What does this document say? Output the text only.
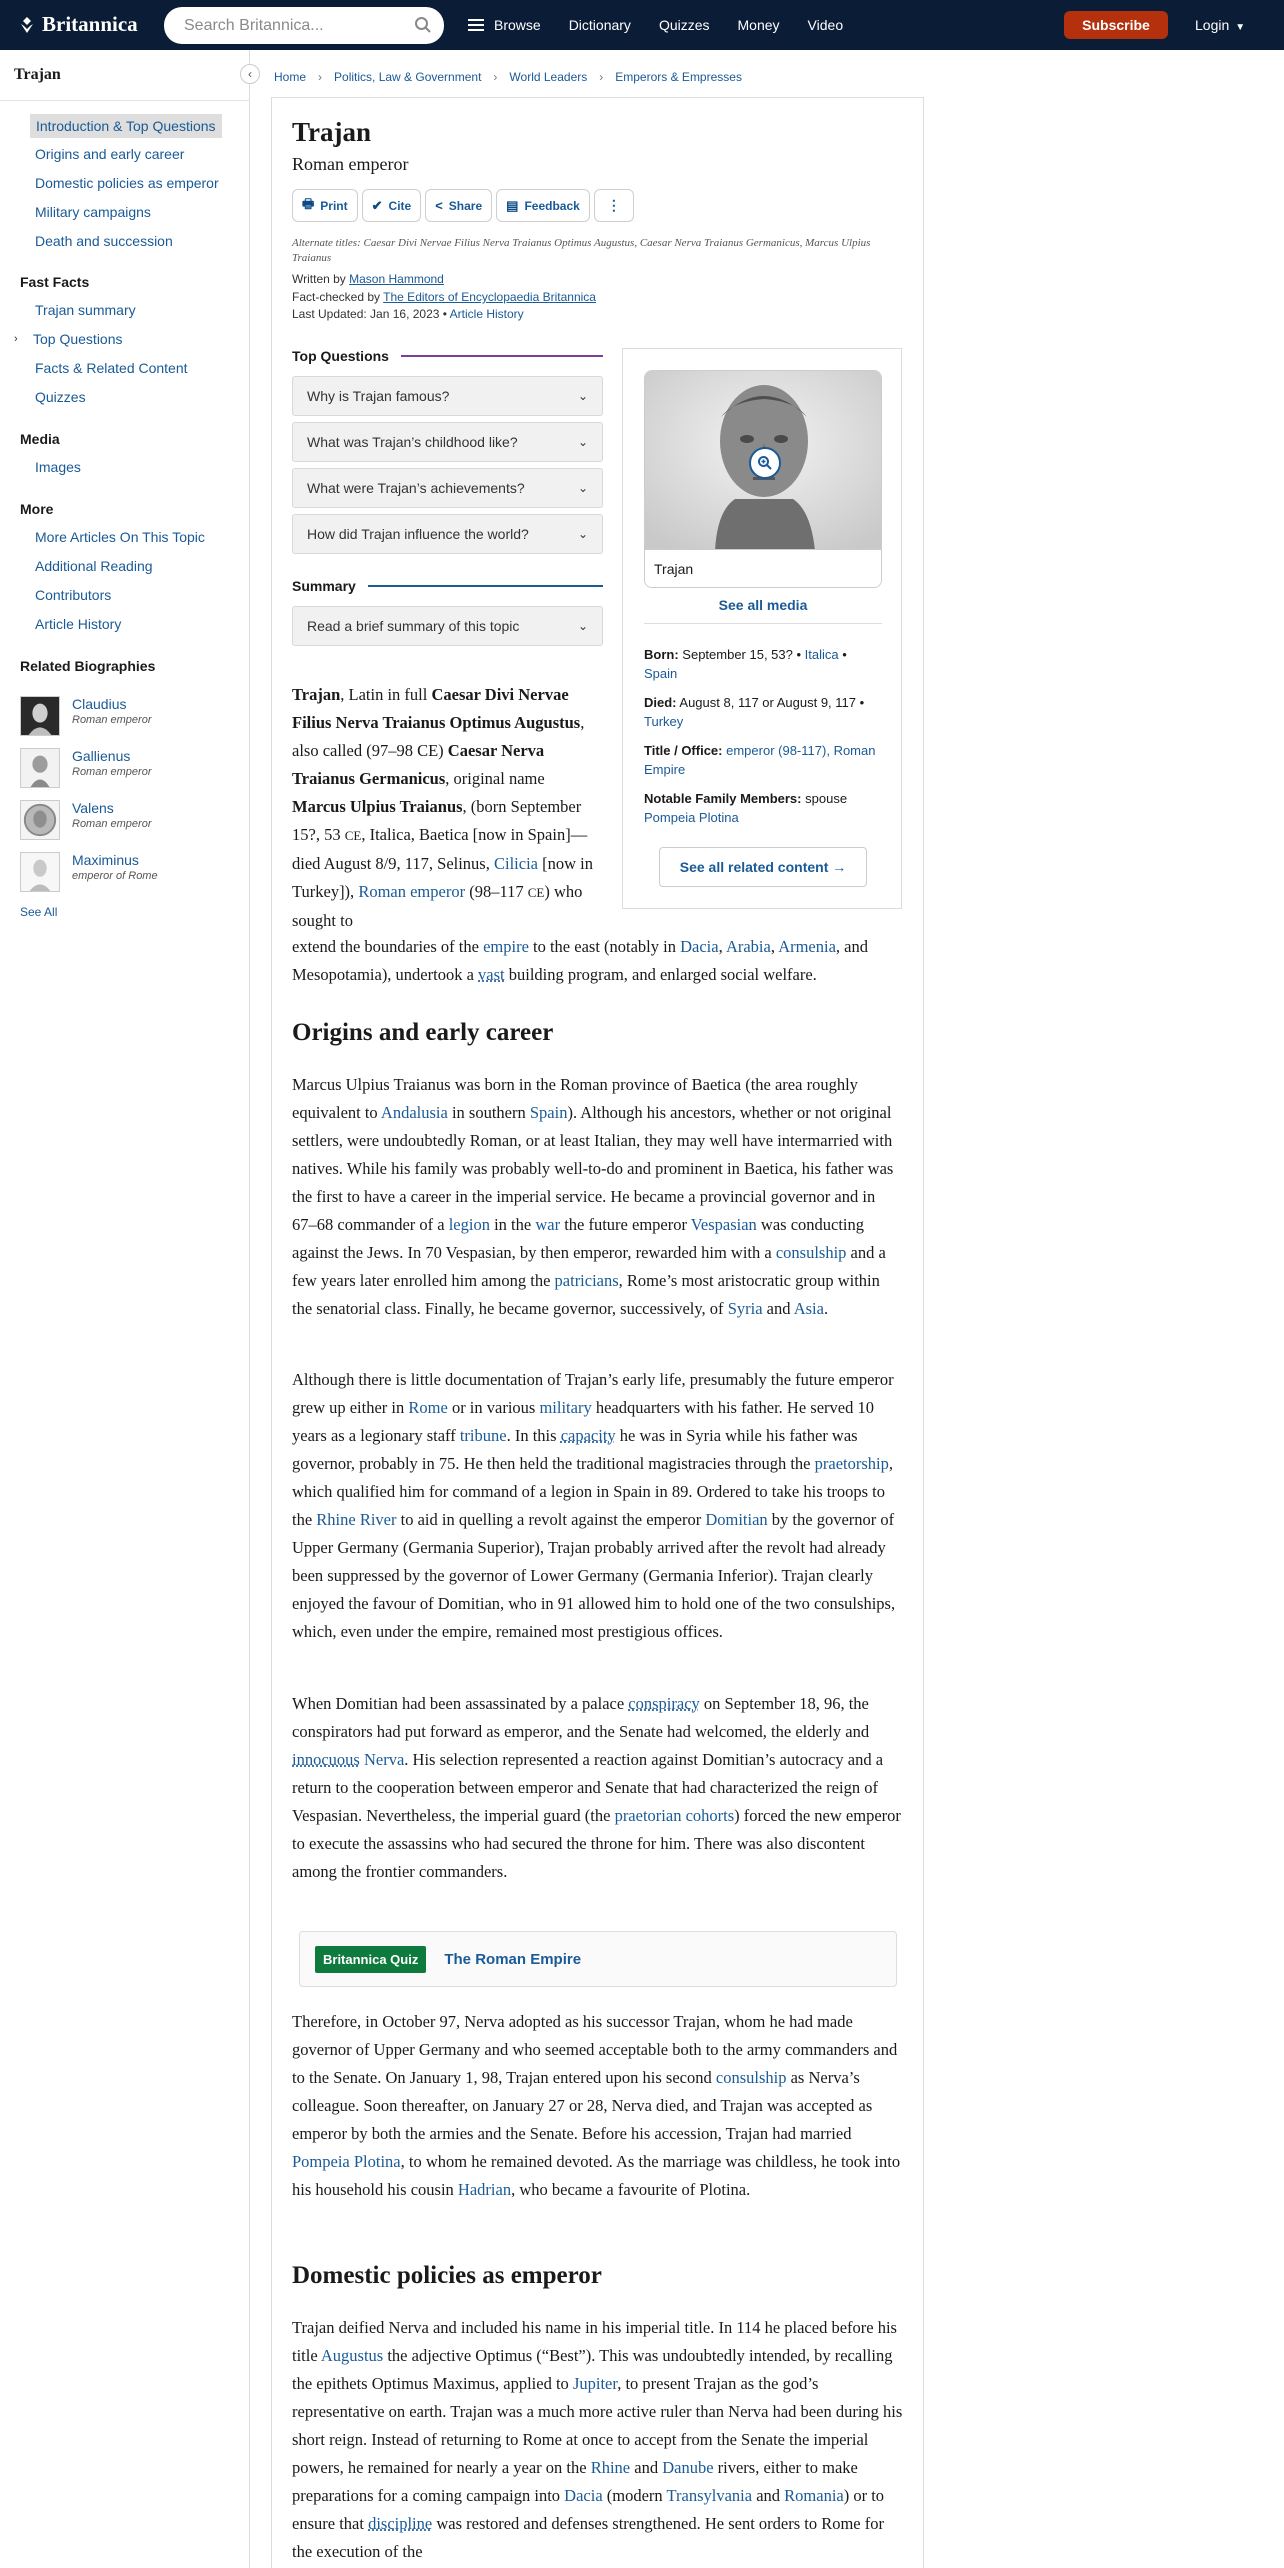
Britannica	Search Britannica...	Browse Dictionary Quizzes Money Video	Subscribe	Login ▼
Trajan	‹
Introduction & Top Questions
Origins and early career
Domestic policies as emperor
Military campaigns
Death and succession
Fast Facts
Trajan summary
› Top Questions
Facts & Related Content
Quizzes
Media
Images
More
More Articles On This Topic
Additional Reading
Contributors
Article History
Related Biographies
Claudius
Roman emperor
Gallienus
Roman emperor
Valens
Roman emperor
Maximinus
emperor of Rome
See All
Home › Politics, Law & Government › World Leaders › Emperors & Empresses
Trajan
Roman emperor
🖶 Print ✔ Cite < Share ▤ Feedback	⋮
Alternate titles: Caesar Divi Nervae Filius Nerva Traianus Optimus Augustus, Caesar Nerva Traianus Germanicus, Marcus Ulpius Traianus
Written by Mason Hammond
Fact-checked by The Editors of Encyclopaedia Britannica
Last Updated: Jan 16, 2023 • Article History
Top Questions
Why is Trajan famous?	⌄
What was Trajan’s childhood like?	⌄
What were Trajan’s achievements?	⌄
How did Trajan influence the world?	⌄
Summary
Read a brief summary of this topic	⌄
Trajan
See all media
Born: September 15, 53? • Italica • Spain
Died: August 8, 117 or August 9, 117 • Turkey
Title / Office: emperor (98-117), Roman Empire
Notable Family Members: spouse
Pompeia Plotina
See all related content →
Trajan, Latin in full Caesar Divi Nervae Filius Nerva Traianus Optimus Augustus, also called (97–98 CE) Caesar Nerva Traianus Germanicus, original name Marcus Ulpius Traianus, (born September 15?, 53 CE, Italica, Baetica [now in Spain]—died August 8/9, 117, Selinus, Cilicia [now in Turkey]), Roman emperor (98–117 CE) who sought to
extend the boundaries of the empire to the east (notably in Dacia, Arabia, Armenia, and Mesopotamia), undertook a vast building program, and enlarged social welfare.
Origins and early career
Marcus Ulpius Traianus was born in the Roman province of Baetica (the area roughly equivalent to Andalusia in southern Spain). Although his ancestors, whether or not original settlers, were undoubtedly Roman, or at least Italian, they may well have intermarried with natives. While his family was probably well-to-do and prominent in Baetica, his father was the first to have a career in the imperial service. He became a provincial governor and in 67–68 commander of a legion in the war the future emperor Vespasian was conducting against the Jews. In 70 Vespasian, by then emperor, rewarded him with a consulship and a few years later enrolled him among the patricians, Rome’s most aristocratic group within the senatorial class. Finally, he became governor, successively, of Syria and Asia.
Although there is little documentation of Trajan’s early life, presumably the future emperor grew up either in Rome or in various military headquarters with his father. He served 10 years as a legionary staff tribune. In this capacity he was in Syria while his father was governor, probably in 75. He then held the traditional magistracies through the praetorship, which qualified him for command of a legion in Spain in 89. Ordered to take his troops to the Rhine River to aid in quelling a revolt against the emperor Domitian by the governor of Upper Germany (Germania Superior), Trajan probably arrived after the revolt had already been suppressed by the governor of Lower Germany (Germania Inferior). Trajan clearly enjoyed the favour of Domitian, who in 91 allowed him to hold one of the two consulships, which, even under the empire, remained most prestigious offices.
When Domitian had been assassinated by a palace conspiracy on September 18, 96, the conspirators had put forward as emperor, and the Senate had welcomed, the elderly and innocuous Nerva. His selection represented a reaction against Domitian’s autocracy and a return to the cooperation between emperor and Senate that had characterized the reign of Vespasian. Nevertheless, the imperial guard (the praetorian cohorts) forced the new emperor to execute the assassins who had secured the throne for him. There was also discontent among the frontier commanders.
Britannica Quiz	The Roman Empire
Therefore, in October 97, Nerva adopted as his successor Trajan, whom he had made governor of Upper Germany and who seemed acceptable both to the army commanders and to the Senate. On January 1, 98, Trajan entered upon his second consulship as Nerva’s colleague. Soon thereafter, on January 27 or 28, Nerva died, and Trajan was accepted as emperor by both the armies and the Senate. Before his accession, Trajan had married Pompeia Plotina, to whom he remained devoted. As the marriage was childless, he took into his household his cousin Hadrian, who became a favourite of Plotina.
Domestic policies as emperor
Trajan deified Nerva and included his name in his imperial title. In 114 he placed before his title Augustus the adjective Optimus (“Best”). This was undoubtedly intended, by recalling the epithets Optimus Maximus, applied to Jupiter, to present Trajan as the god’s representative on earth. Trajan was a much more active ruler than Nerva had been during his short reign. Instead of returning to Rome at once to accept from the Senate the imperial powers, he remained for nearly a year on the Rhine and Danube rivers, either to make preparations for a coming campaign into Dacia (modern Transylvania and Romania) or to ensure that discipline was restored and defenses strengthened. He sent orders to Rome for the execution of the
